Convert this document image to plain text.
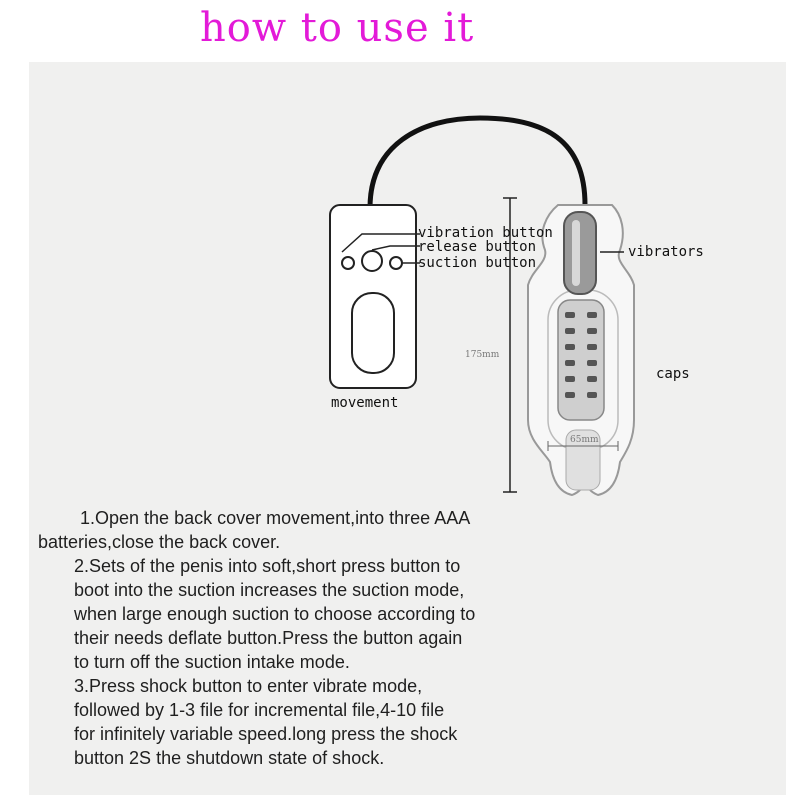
how to use it
vibration button
release button
suction button
vibrators
caps
movement
175mm
65mm
1.Open the back cover movement,into three AAA
batteries,close the back cover.
2.Sets of the penis into soft,short press button to
boot into the suction increases the suction mode,
when large enough suction to choose according to
their needs deflate button.Press the button again
to turn off the suction intake mode.
3.Press shock button to enter vibrate mode,
followed by 1-3 file for incremental file,4-10 file
for infinitely variable speed.long press the shock
button 2S the shutdown state of shock.
